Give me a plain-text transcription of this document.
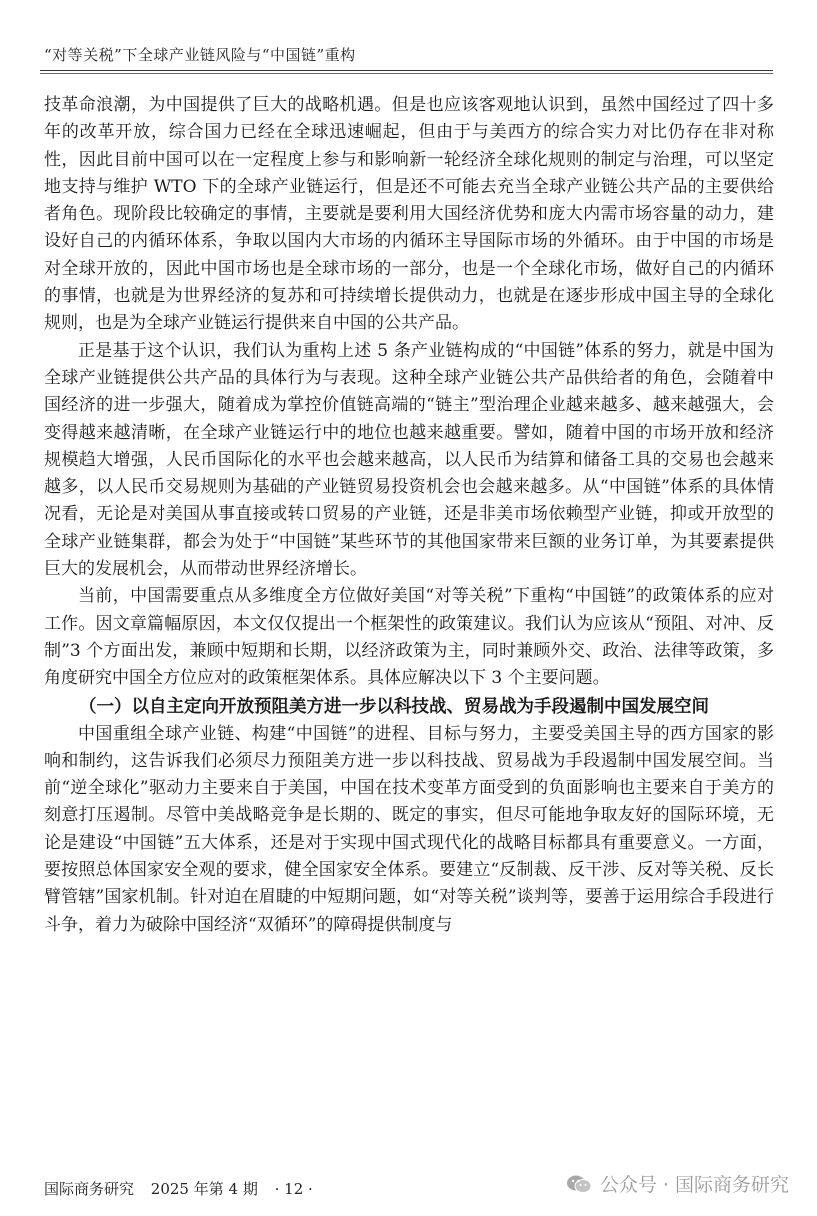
“对等关税”下全球产业链风险与“中国链”重构

技革命浪潮，为中国提供了巨大的战略机遇。但是也应该客观地认识到，虽然中国经过了四十多年的改革开放，综合国力已经在全球迅速崛起，但由于与美西方的综合实力对比仍存在非对称性，因此目前中国可以在一定程度上参与和影响新一轮经济全球化规则的制定与治理，可以坚定地支持与维护 WTO 下的全球产业链运行，但是还不可能去充当全球产业链公共产品的主要供给者角色。现阶段比较确定的事情，主要就是要利用大国经济优势和庞大内需市场容量的动力，建设好自己的内循环体系，争取以国内大市场的内循环主导国际市场的外循环。由于中国的市场是对全球开放的，因此中国市场也是全球市场的一部分，也是一个全球化市场，做好自己的内循环的事情，也就是为世界经济的复苏和可持续增长提供动力，也就是在逐步形成中国主导的全球化规则，也是为全球产业链运行提供来自中国的公共产品。

正是基于这个认识，我们认为重构上述 5 条产业链构成的“中国链”体系的努力，就是中国为全球产业链提供公共产品的具体行为与表现。这种全球产业链公共产品供给者的角色，会随着中国经济的进一步强大，随着成为掌控价值链高端的“链主”型治理企业越来越多、越来越强大，会变得越来越清晰，在全球产业链运行中的地位也越来越重要。譬如，随着中国的市场开放和经济规模趋大增强，人民币国际化的水平也会越来越高，以人民币为结算和储备工具的交易也会越来越多，以人民币交易规则为基础的产业链贸易投资机会也会越来越多。从“中国链”体系的具体情况看，无论是对美国从事直接或转口贸易的产业链，还是非美市场依赖型产业链，抑或开放型的全球产业链集群，都会为处于“中国链”某些环节的其他国家带来巨额的业务订单，为其要素提供巨大的发展机会，从而带动世界经济增长。

当前，中国需要重点从多维度全方位做好美国“对等关税”下重构“中国链”的政策体系的应对工作。因文章篇幅原因，本文仅仅提出一个框架性的政策建议。我们认为应该从“预阻、对冲、反制”3 个方面出发，兼顾中短期和长期，以经济政策为主，同时兼顾外交、政治、法律等政策，多角度研究中国全方位应对的政策框架体系。具体应解决以下 3 个主要问题。

（一）以自主定向开放预阻美方进一步以科技战、贸易战为手段遏制中国发展空间

中国重组全球产业链、构建“中国链”的进程、目标与努力，主要受美国主导的西方国家的影响和制约，这告诉我们必须尽力预阻美方进一步以科技战、贸易战为手段遏制中国发展空间。当前“逆全球化”驱动力主要来自于美国，中国在技术变革方面受到的负面影响也主要来自于美方的刻意打压遏制。尽管中美战略竞争是长期的、既定的事实，但尽可能地争取友好的国际环境，无论是建设“中国链”五大体系，还是对于实现中国式现代化的战略目标都具有重要意义。一方面，要按照总体国家安全观的要求，健全国家安全体系。要建立“反制裁、反干涉、反对等关税、反长臂管辖”国家机制。针对迫在眉睫的中短期问题，如“对等关税”谈判等，要善于运用综合手段进行斗争，着力为破除中国经济“双循环”的障碍提供制度与

国际商务研究 2025 年第 4 期 · 12 ·	公众号 · 国际商务研究
